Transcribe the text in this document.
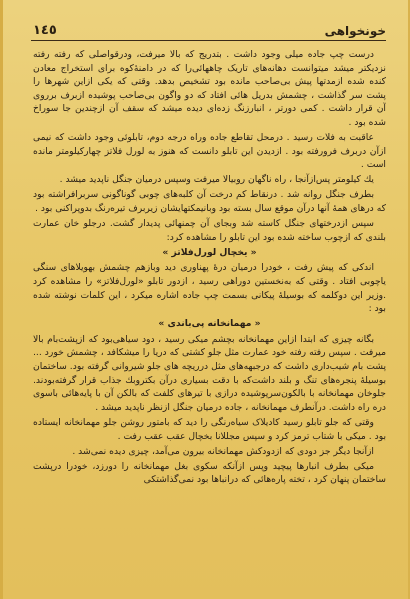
١٤٥	خونخواهی

درست چپ جاده میلی وجود داشت . بتدریج که بالا میرفت، ودرقواصلی که رفته رفته نزدیکتر میشد میتوانست دهانه‌های تاریک چاههائی‌را که در دامنهٔ‌کوه برای استخراج معادن کنده شده ازمدتها پیش بی‌صاحب مانده بود تشخیص بدهد. وقتی که یکی ازاین شهرها را پشت سر گذاشت ، چشمش بدریل هائی افتاد که دو واگون بی‌صاحب پوشیده ازبرف برروی آن قرار داشت . کمی دورتر ، انبارزنگ زده‌ای دیده میشد که سقف آن ازچندین جا سوراخ شده بود .

عاقبت به فلات رسید . درمحل تقاطع جاده وراه درجه دوم، تابلوئی وجود داشت که نیمی ازآن دربرف فرورفته بود . ازدیدن این تابلو دانست که هنوز به لورل فلاتز چهارکیلومتر مانده است .

یك کیلومتر پس‌ازآنجا ، راه ناگهان روبیالا میرفت وسپس درمیان جنگل ناپدید میشد .

بطرف جنگل روانه شد . درنقاط کم درخت آن کلبه‌های چوبی گوناگونی سربرافراشته بود که درهای همهٔ آنها درآن موقع سال بسته بود وبانیمکتهایشان زیربرف تیره‌رنگ بدوپراکنی بود .

سپس ازدرختهای جنگل کاسته شد وبجای آن چمنهائی پدیدار گشت. درجلو خان عمارت بلندی که ازچوب ساخته شده بود این تابلو را مشاهده کرد:

« یخچال لورل‌فلاتز »

اندکی که پیش رفت ، خودرا درمیان درهٔ پهناوری دید وبازهم چشمش بهویلاهای سنگی یاچوبی افتاد . وقتی که به‌نخستین دوراهی رسید ، ازدور تابلو «لورل‌فلاتز» را مشاهده کرد .وزیر این دوکلمه که بوسیلهٔ پیکانی بسمت چپ جاده اشاره میکرد ، این کلمات نوشته شده بود :

« مهمانخانه پی‌باندی »

بگانه چیزی که ابتدا ازاین مهمانخانه بچشم میکی رسید ، دود سیاهی‌بود که ازپشت‌بام بالا میرفت . سپس رفته رفته خود عمارت مثل جلو کشتی که دریا را میشکافد ، چشمش خورد ... پشت بام شیب‌داری داشت که درجبهه‌های مثل درریچه های جلو شیروانی گرفته بود. ساختمان بوسیلهٔ پنجره‌های تنگ و بلند داشت‌که با دقت بسیاری درآن بكتروبك جذاب قرار گرفته‌بودند. جلوخان مهمانخانه با بالکون‌سرپوشیده درازی با تیرهای کلفت که بالکن آن با پایه‌هائی باسوی دره راه داشت. درآنطرف مهمانخانه ، جاده درمیان جنگل ازنظر ناپدید میشد .

وقتی که جلو تابلو رسید کادیلاک سیاه‌رنگی را دید که بامتور روشن جلو مهمانخانه ایستاده بود . میکی با شتاب ترمز کرد و سپس مجللانا بخچال عقب عقب رفت .

ازآنجا دیگر جز دودی که ازدودکش مهمانخانه بیرون می‌آمد، چیزی دیده نمی‌شد .

میکی بطرف انبارها پیچید وپس ازآنکه سکوی بغل مهمانخانه را دورزد، خودرا درپشت ساختمان پنهان کرد ، تخته پاره‌هائی که درانباها بود نمی‌گذاشتکی
